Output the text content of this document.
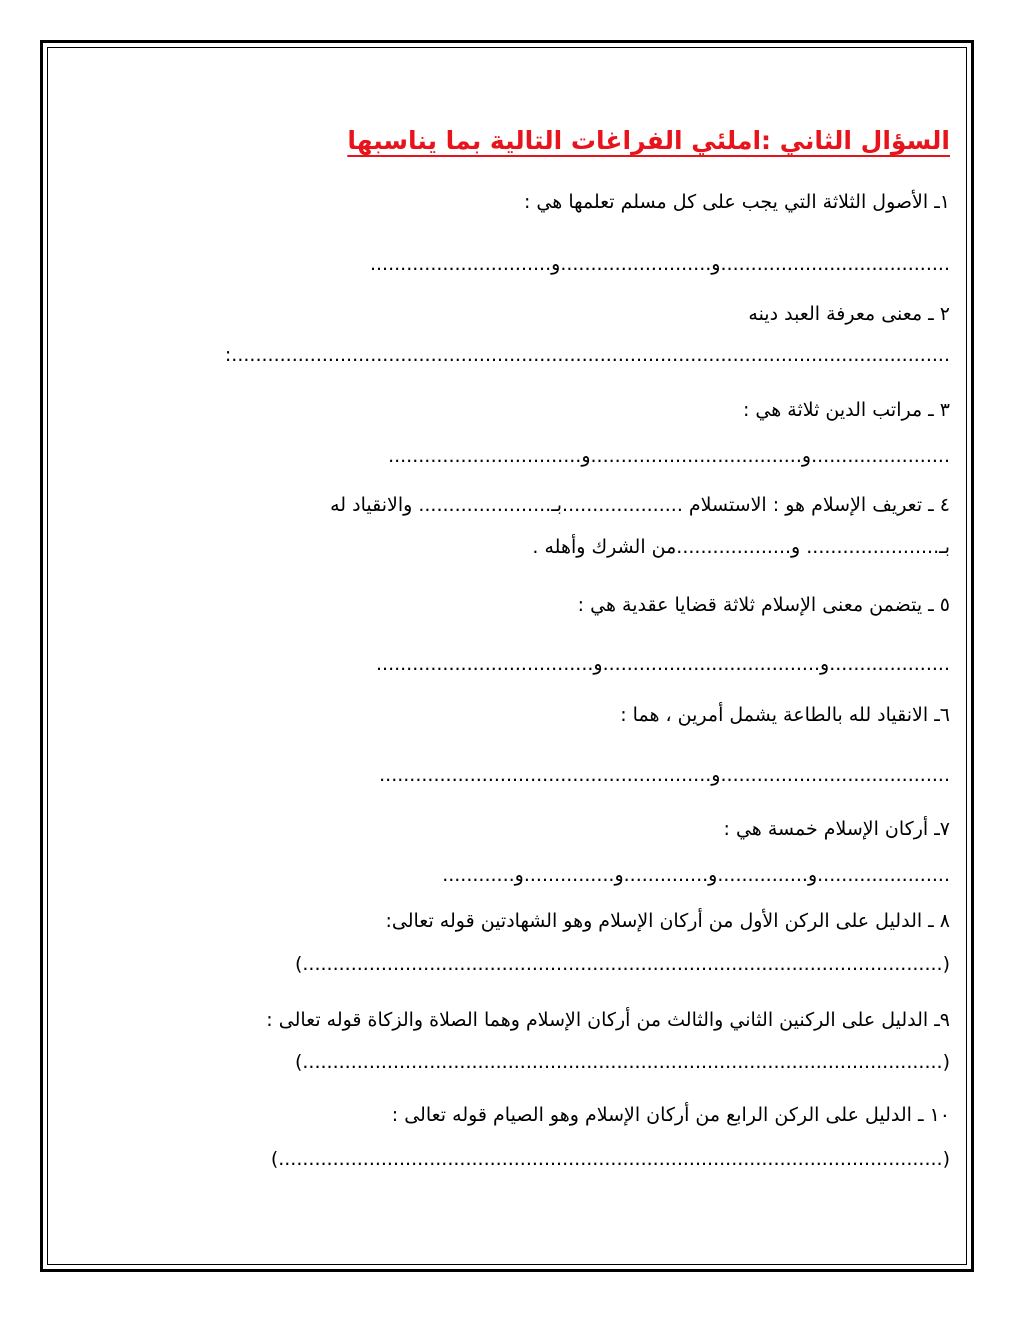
السؤال الثاني :املئي الفراغات التالية بما يناسبها
١ـ الأصول الثلاثة التي يجب على كل مسلم تعلمها هي :
..............................و.........................و......................................
٢ ـ معنى معرفة العبد دينه
:.......................................................................................................................
٣ ـ مراتب الدين ثلاثة هي :
................................و...................................و.......................
٤ ـ تعريف الإسلام هو : الاستسلام ....................بـ...................... والانقياد له
بـ...................... و...................من الشرك وأهله .
٥ ـ يتضمن معنى الإسلام ثلاثة قضايا عقدية هي :
....................................و....................................و....................
٦ـ الانقياد لله بالطاعة يشمل أمرين ، هما :
.......................................................و......................................
٧ـ أركان الإسلام خمسة هي :
............و...............و..............و...............و......................
٨ ـ الدليل على الركن الأول من أركان الإسلام وهو الشهادتين قوله تعالى:
(..........................................................................................................)
٩ـ الدليل على الركنين الثاني والثالث من أركان الإسلام وهما الصلاة والزكاة قوله تعالى :
(..........................................................................................................)
١٠ ـ الدليل على الركن الرابع من أركان الإسلام وهو الصيام قوله تعالى :
(..............................................................................................................)
